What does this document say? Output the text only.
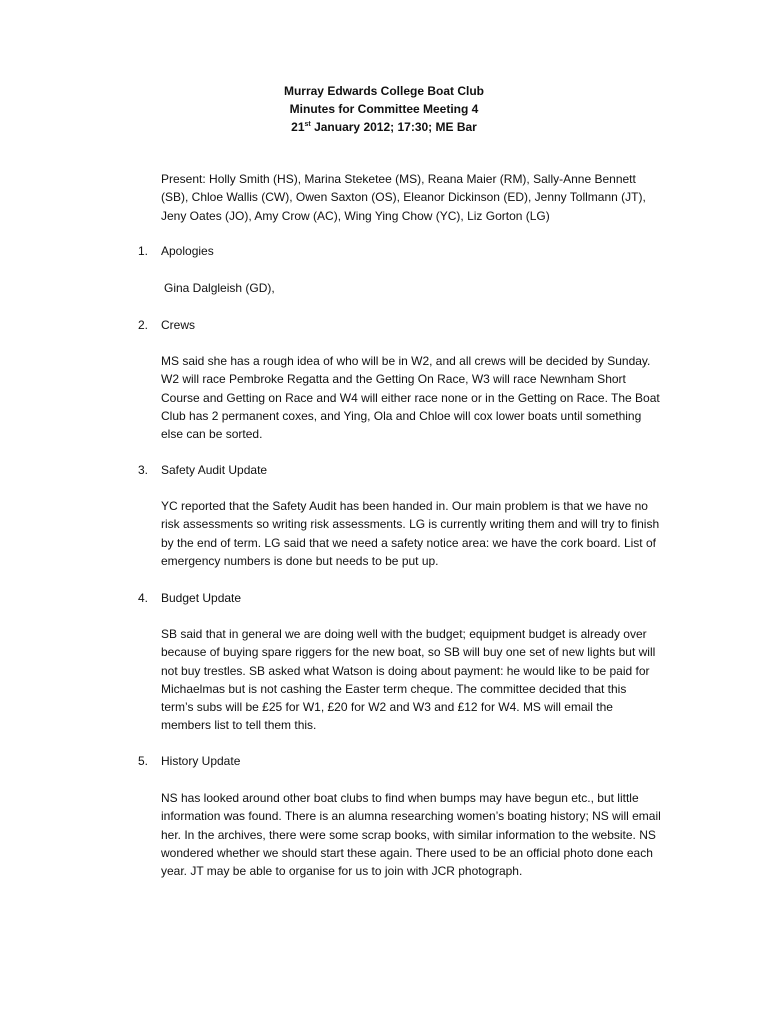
Murray Edwards College Boat Club
Minutes for Committee Meeting 4
21st January 2012; 17:30; ME Bar
Present: Holly Smith (HS), Marina Steketee (MS), Reana Maier (RM), Sally-Anne Bennett (SB), Chloe Wallis (CW), Owen Saxton (OS), Eleanor Dickinson (ED), Jenny Tollmann (JT), Jeny Oates (JO), Amy Crow (AC), Wing Ying Chow (YC), Liz Gorton (LG)
1. Apologies
Gina Dalgleish (GD),
2. Crews
MS said she has a rough idea of who will be in W2, and all crews will be decided by Sunday. W2 will race Pembroke Regatta and the Getting On Race, W3 will race Newnham Short Course and Getting on Race and W4 will either race none or in the Getting on Race. The Boat Club has 2 permanent coxes, and Ying, Ola and Chloe will cox lower boats until something else can be sorted.
3. Safety Audit Update
YC reported that the Safety Audit has been handed in. Our main problem is that we have no risk assessments so writing risk assessments. LG is currently writing them and will try to finish by the end of term. LG said that we need a safety notice area: we have the cork board. List of emergency numbers is done but needs to be put up.
4. Budget Update
SB said that in general we are doing well with the budget; equipment budget is already over because of buying spare riggers for the new boat, so SB will buy one set of new lights but will not buy trestles. SB asked what Watson is doing about payment: he would like to be paid for Michaelmas but is not cashing the Easter term cheque. The committee decided that this term’s subs will be £25 for W1, £20 for W2 and W3 and £12 for W4. MS will email the members list to tell them this.
5. History Update
NS has looked around other boat clubs to find when bumps may have begun etc., but little information was found. There is an alumna researching women’s boating history; NS will email her. In the archives, there were some scrap books, with similar information to the website. NS wondered whether we should start these again. There used to be an official photo done each year. JT may be able to organise for us to join with JCR photograph.
